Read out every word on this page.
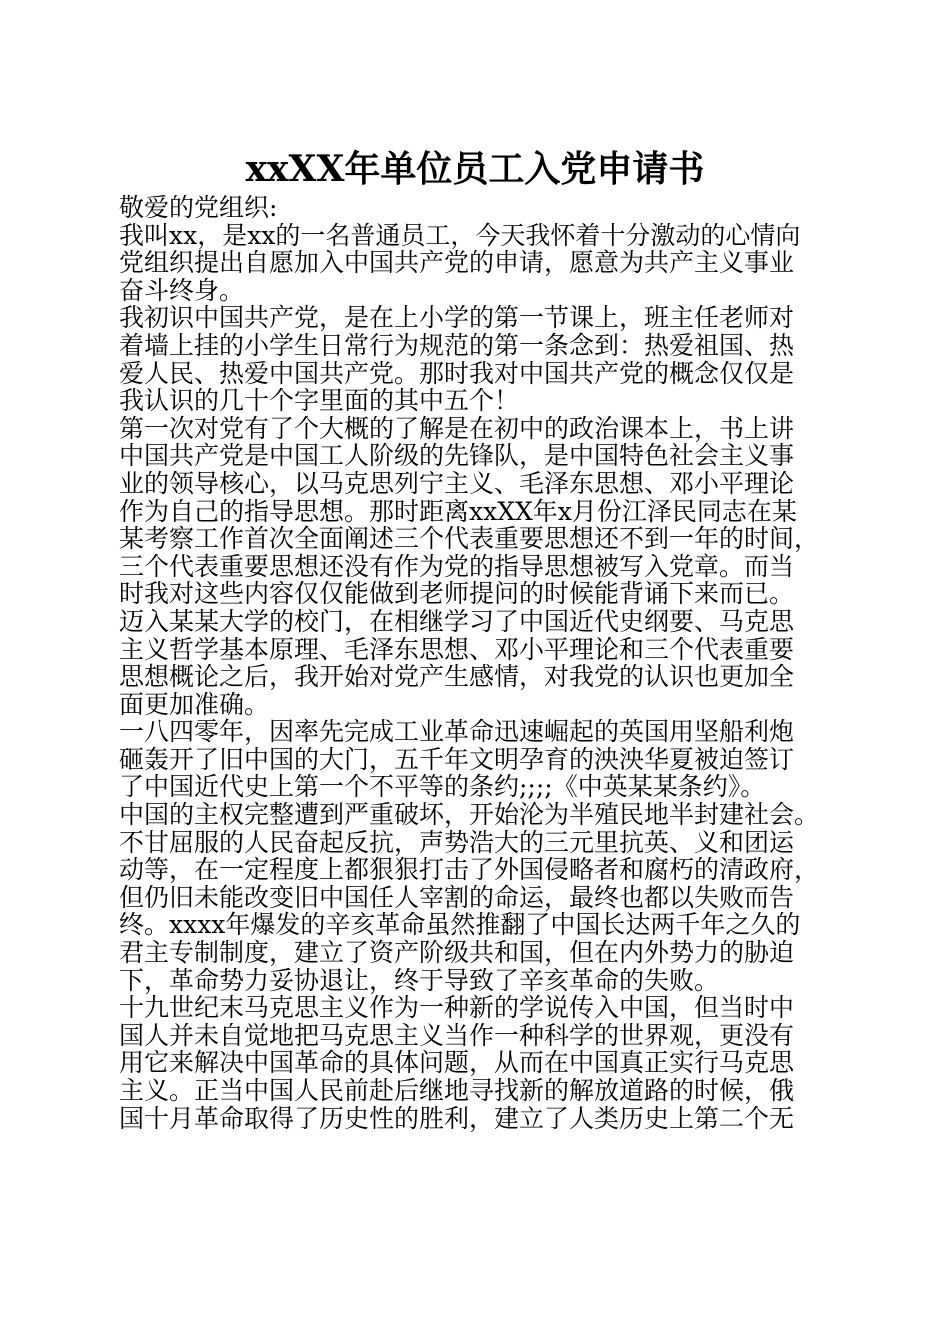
xxXX年单位员工入党申请书
敬爱的党组织:
我叫xx，是xx的一名普通员工，今天我怀着十分激动的心情向
党组织提出自愿加入中国共产党的申请，愿意为共产主义事业
奋斗终身。
我初识中国共产党，是在上小学的第一节课上，班主任老师对
着墙上挂的小学生日常行为规范的第一条念到：热爱祖国、热
爱人民、热爱中国共产党。那时我对中国共产党的概念仅仅是
我认识的几十个字里面的其中五个！
第一次对党有了个大概的了解是在初中的政治课本上，书上讲
中国共产党是中国工人阶级的先锋队，是中国特色社会主义事
业的领导核心，以马克思列宁主义、毛泽东思想、邓小平理论
作为自己的指导思想。那时距离xxXX年x月份江泽民同志在某
某考察工作首次全面阐述三个代表重要思想还不到一年的时间，
三个代表重要思想还没有作为党的指导思想被写入党章。而当
时我对这些内容仅仅能做到老师提问的时候能背诵下来而已。
迈入某某大学的校门，在相继学习了中国近代史纲要、马克思
主义哲学基本原理、毛泽东思想、邓小平理论和三个代表重要
思想概论之后，我开始对党产生感情，对我党的认识也更加全
面更加准确。
一八四零年，因率先完成工业革命迅速崛起的英国用坚船利炮
砸轰开了旧中国的大门，五千年文明孕育的泱泱华夏被迫签订
了中国近代史上第一个不平等的条约;;;;《中英某某条约》。
中国的主权完整遭到严重破坏，开始沦为半殖民地半封建社会。
不甘屈服的人民奋起反抗，声势浩大的三元里抗英、义和团运
动等，在一定程度上都狠狠打击了外国侵略者和腐朽的清政府，
但仍旧未能改变旧中国任人宰割的命运，最终也都以失败而告
终。xxxx年爆发的辛亥革命虽然推翻了中国长达两千年之久的
君主专制制度，建立了资产阶级共和国，但在内外势力的胁迫
下，革命势力妥协退让，终于导致了辛亥革命的失败。
十九世纪末马克思主义作为一种新的学说传入中国，但当时中
国人并未自觉地把马克思主义当作一种科学的世界观，更没有
用它来解决中国革命的具体问题，从而在中国真正实行马克思
主义。正当中国人民前赴后继地寻找新的解放道路的时候，俄
国十月革命取得了历史性的胜利，建立了人类历史上第二个无
